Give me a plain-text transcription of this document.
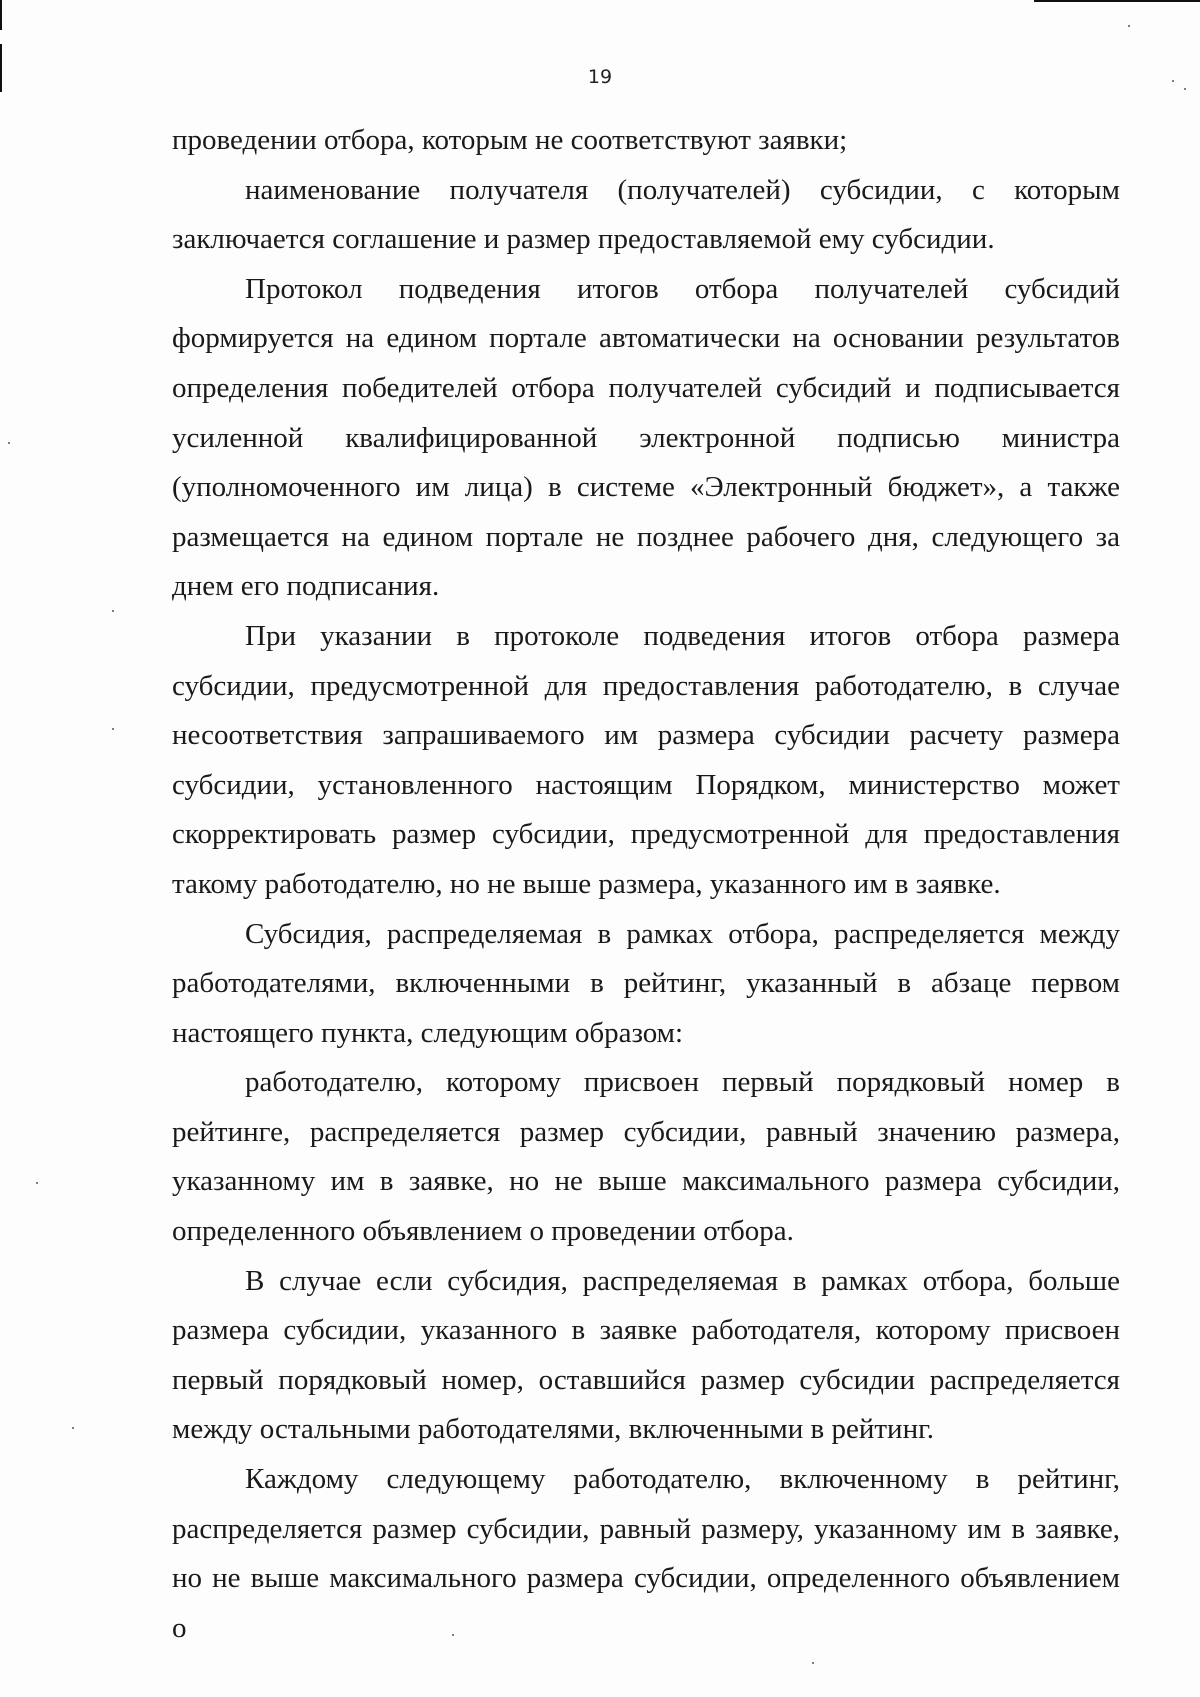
19

проведении отбора, которым не соответствуют заявки;

наименование получателя (получателей) субсидии, с которым заключается соглашение и размер предоставляемой ему субсидии.

Протокол подведения итогов отбора получателей субсидий формируется на едином портале автоматически на основании результатов определения победителей отбора получателей субсидий и подписывается усиленной квалифицированной электронной подписью министра (уполномоченного им лица) в системе «Электронный бюджет», а также размещается на едином портале не позднее рабочего дня, следующего за днем его подписания.

При указании в протоколе подведения итогов отбора размера субсидии, предусмотренной для предоставления работодателю, в случае несоответствия запрашиваемого им размера субсидии расчету размера субсидии, установленного настоящим Порядком, министерство может скорректировать размер субсидии, предусмотренной для предоставления такому работодателю, но не выше размера, указанного им в заявке.

Субсидия, распределяемая в рамках отбора, распределяется между работодателями, включенными в рейтинг, указанный в абзаце первом настоящего пункта, следующим образом:

работодателю, которому присвоен первый порядковый номер в рейтинге, распределяется размер субсидии, равный значению размера, указанному им в заявке, но не выше максимального размера субсидии, определенного объявлением о проведении отбора.

В случае если субсидия, распределяемая в рамках отбора, больше размера субсидии, указанного в заявке работодателя, которому присвоен первый порядковый номер, оставшийся размер субсидии распределяется между остальными работодателями, включенными в рейтинг.

Каждому следующему работодателю, включенному в рейтинг, распределяется размер субсидии, равный размеру, указанному им в заявке, но не выше максимального размера субсидии, определенного объявлением о
